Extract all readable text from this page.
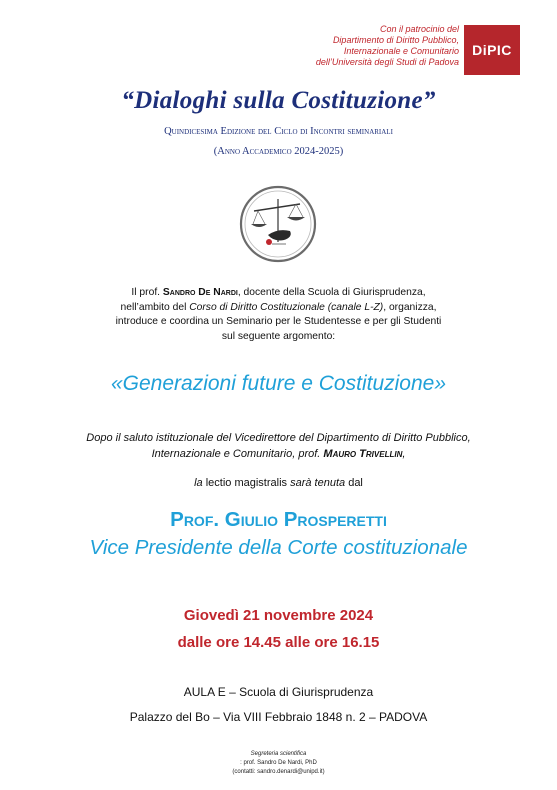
Con il patrocinio del
Dipartimento di Diritto Pubblico,
Internazionale e Comunitario
dell’Università degli Studi di Padova
DiPIC
“Dialoghi sulla Costituzione”
Quindicesima Edizione del Ciclo di Incontri seminariali
(Anno Accademico 2024-2025)
Il prof. Sandro De Nardi, docente della Scuola di Giurisprudenza,
nell’ambito del Corso di Diritto Costituzionale (canale L-Z), organizza,
introduce e coordina un Seminario per le Studentesse e per gli Studenti
sul seguente argomento:
«Generazioni future e Costituzione»
Dopo il saluto istituzionale del Vicedirettore del Dipartimento di Diritto Pubblico,
Internazionale e Comunitario, prof. Mauro Trivellin,
la lectio magistralis sarà tenuta dal
Prof. Giulio Prosperetti
Vice Presidente della Corte costituzionale
Giovedì 21 novembre 2024
dalle ore 14.45 alle ore 16.15
AULA E – Scuola di Giurisprudenza
Palazzo del Bo – Via VIII Febbraio 1848 n. 2 – PADOVA
Segreteria scientifica
: prof. Sandro De Nardi, PhD
(contatti: sandro.denardi@unipd.it)
